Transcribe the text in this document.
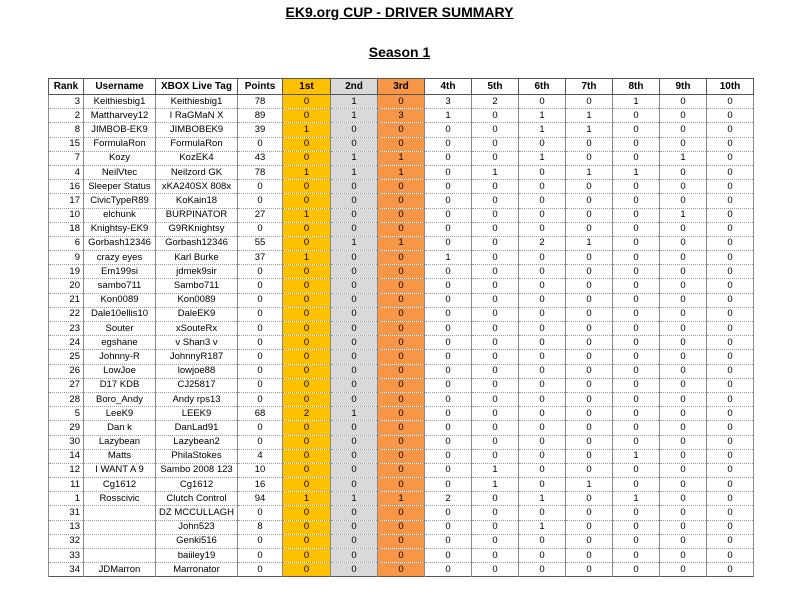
EK9.org CUP - DRIVER SUMMARY
Season 1
Rank	Username	XBOX Live Tag	Points	1st	2nd	3rd	4th	5th	6th	7th	8th	9th	10th
3	Keithiesbig1	Keithiesbig1	78	0	1	0	3	2	0	0	1	0	0
2	Mattharvey12	I RaGMaN X	89	0	1	3	1	0	1	1	0	0	0
8	JIMBOB-EK9	JIMBOBEK9	39	1	0	0	0	0	1	1	0	0	0
15	FormulaRon	FormulaRon	0	0	0	0	0	0	0	0	0	0	0
7	Kozy	KozEK4	43	0	1	1	0	0	1	0	0	1	0
4	NeilVtec	Neilzord GK	78	1	1	1	0	1	0	1	1	0	0
16	Sleeper Status	xKA240SX 808x	0	0	0	0	0	0	0	0	0	0	0
17	CivicTypeR89	KoKain18	0	0	0	0	0	0	0	0	0	0	0
10	elchunk	BURPINATOR	27	1	0	0	0	0	0	0	0	1	0
18	Knightsy-EK9	G9RKnightsy	0	0	0	0	0	0	0	0	0	0	0
6	Gorbash12346	Gorbash12346	55	0	1	1	0	0	2	1	0	0	0
9	crazy eyes	Karl Burke	37	1	0	0	1	0	0	0	0	0	0
19	Em199si	jdmek9sir	0	0	0	0	0	0	0	0	0	0	0
20	sambo711	Sambo711	0	0	0	0	0	0	0	0	0	0	0
21	Kon0089	Kon0089	0	0	0	0	0	0	0	0	0	0	0
22	Dale10ellis10	DaleEK9	0	0	0	0	0	0	0	0	0	0	0
23	Souter	xSouteRx	0	0	0	0	0	0	0	0	0	0	0
24	egshane	v Shan3 v	0	0	0	0	0	0	0	0	0	0	0
25	Johnny-R	JohnnyR187	0	0	0	0	0	0	0	0	0	0	0
26	LowJoe	lowjoe88	0	0	0	0	0	0	0	0	0	0	0
27	D17 KDB	CJ25817	0	0	0	0	0	0	0	0	0	0	0
28	Boro_Andy	Andy rps13	0	0	0	0	0	0	0	0	0	0	0
5	LeeK9	LEEK9	68	2	1	0	0	0	0	0	0	0	0
29	Dan k	DanLad91	0	0	0	0	0	0	0	0	0	0	0
30	Lazybean	Lazybean2	0	0	0	0	0	0	0	0	0	0	0
14	Matts	PhilaStokes	4	0	0	0	0	0	0	0	1	0	0
12	I WANT A 9	Sambo 2008 123	10	0	0	0	0	1	0	0	0	0	0
11	Cg1612	Cg1612	16	0	0	0	0	1	0	1	0	0	0
1	Rosscivic	Clutch Control	94	1	1	1	2	0	1	0	1	0	0
31		DZ MCCULLAGH	0	0	0	0	0	0	0	0	0	0	0
13		John523	8	0	0	0	0	0	1	0	0	0	0
32		Genki516	0	0	0	0	0	0	0	0	0	0	0
33		baiiley19	0	0	0	0	0	0	0	0	0	0	0
34	JDMarron	Marronator	0	0	0	0	0	0	0	0	0	0	0
